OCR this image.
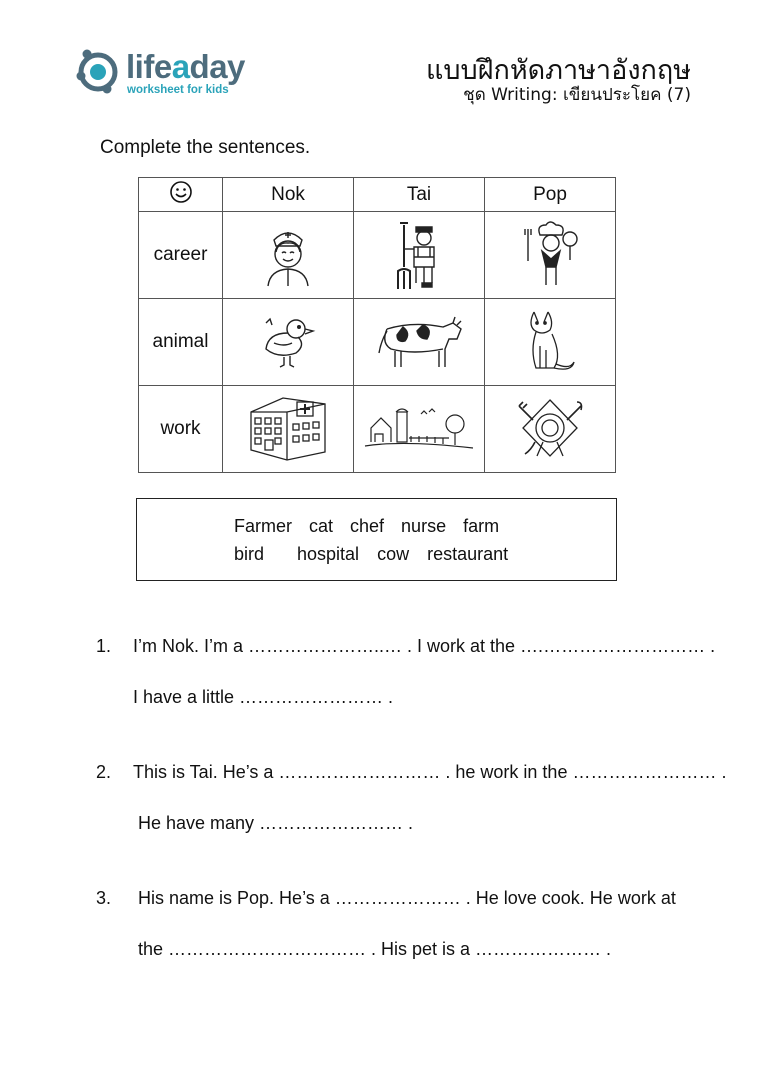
lifeaday
worksheet for kids
แบบฝึกหัดภาษาอังกฤษ
ชุด Writing: เขียนประโยค (7)
Complete the sentences.
	Nok	Tai	Pop
career	

animal	

work	

Farmer cat chef nurse farm
bird hospital cow restaurant
1. I’m Nok. I’m a …………………..… . I work at the ….……………………… .
I have a little …………………… .
2. This is Tai. He’s a ……………………… . he work in the …………………… .
He have many …………………… .
3. His name is Pop. He’s a ………………… . He love cook. He work at
the …………………………… . His pet is a ………………… .
